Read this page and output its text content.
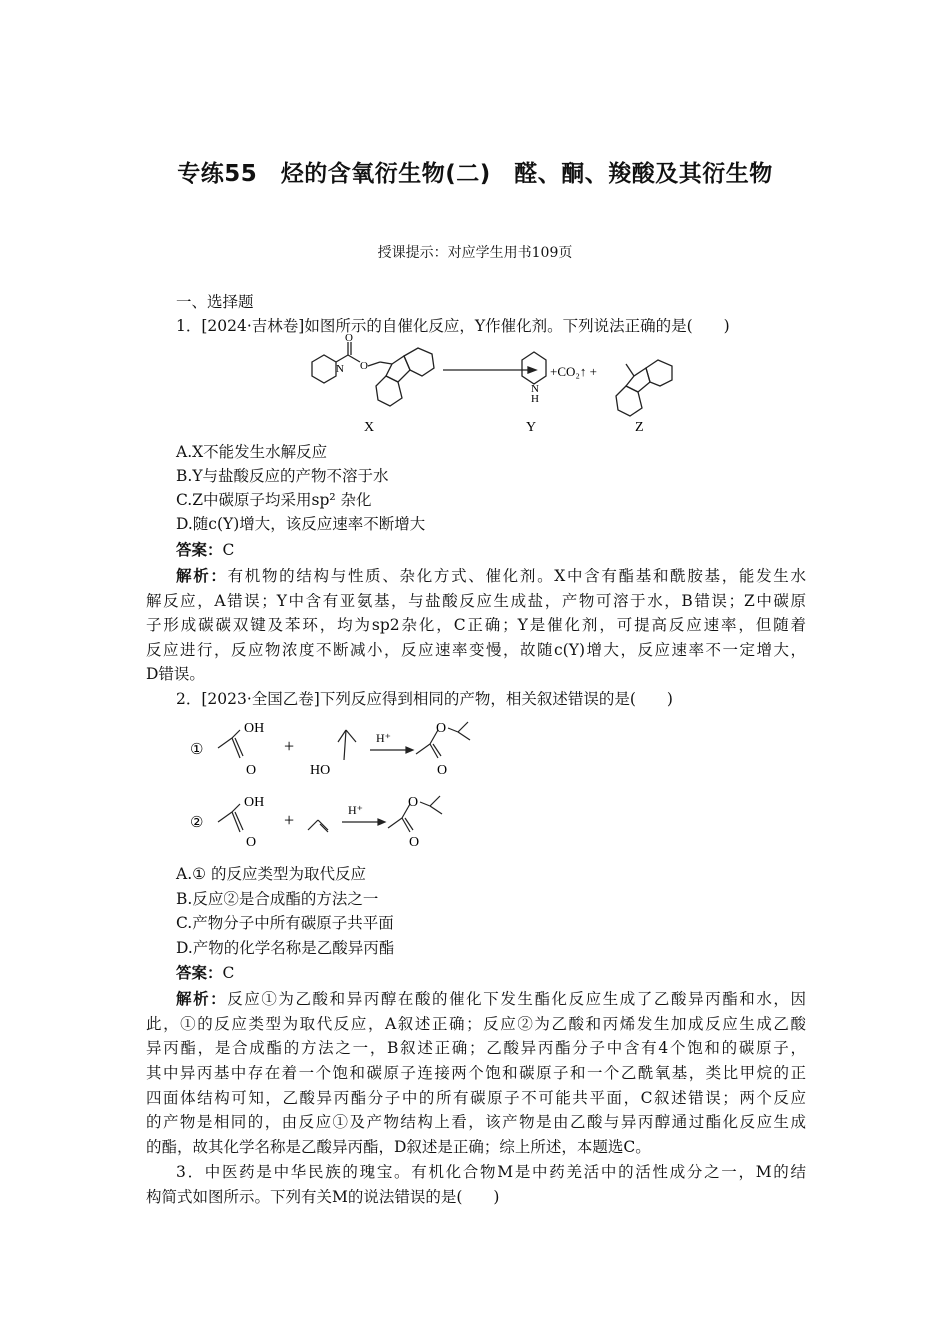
专练55　烃的含氧衍生物(二)　醛、酮、羧酸及其衍生物
授课提示：对应学生用书109页
一、选择题
1．[2024·吉林卷]如图所示的自催化反应，Y作催化剂。下列说法正确的是(　　)
N
O
O
N
H
+CO₂↑ +
X	Y	Z
A.X不能发生水解反应
B.Y与盐酸反应的产物不溶于水
C.Z中碳原子均采用sp² 杂化
D.随c(Y)增大，该反应速率不断增大
答案：C
解析：有机物的结构与性质、杂化方式、催化剂。X中含有酯基和酰胺基，能发生水
解反应，A错误；Y中含有亚氨基，与盐酸反应生成盐，产物可溶于水，B错误；Z中碳原
子形成碳碳双键及苯环，均为sp2杂化，C正确；Y是催化剂，可提高反应速率，但随着
反应进行，反应物浓度不断减小，反应速率变慢，故随c(Y)增大，反应速率不一定增大，
D错误。
2．[2023·全国乙卷]下列反应得到相同的产物，相关叙述错误的是(　　)
①
OH
O
+
HO
H⁺
O
O
②
OH
O
+	H⁺	O
O
A.① 的反应类型为取代反应
B.反应②是合成酯的方法之一
C.产物分子中所有碳原子共平面
D.产物的化学名称是乙酸异丙酯
答案：C
解析：反应①为乙酸和异丙醇在酸的催化下发生酯化反应生成了乙酸异丙酯和水，因
此，①的反应类型为取代反应，A叙述正确；反应②为乙酸和丙烯发生加成反应生成乙酸
异丙酯，是合成酯的方法之一，B叙述正确；乙酸异丙酯分子中含有4个饱和的碳原子，
其中异丙基中存在着一个饱和碳原子连接两个饱和碳原子和一个乙酰氧基，类比甲烷的正
四面体结构可知，乙酸异丙酯分子中的所有碳原子不可能共平面，C叙述错误；两个反应
的产物是相同的，由反应①及产物结构上看，该产物是由乙酸与异丙醇通过酯化反应生成
的酯，故其化学名称是乙酸异丙酯，D叙述是正确；综上所述，本题选C。
3．中医药是中华民族的瑰宝。有机化合物M是中药羌活中的活性成分之一，M的结
构简式如图所示。下列有关M的说法错误的是(　　)
